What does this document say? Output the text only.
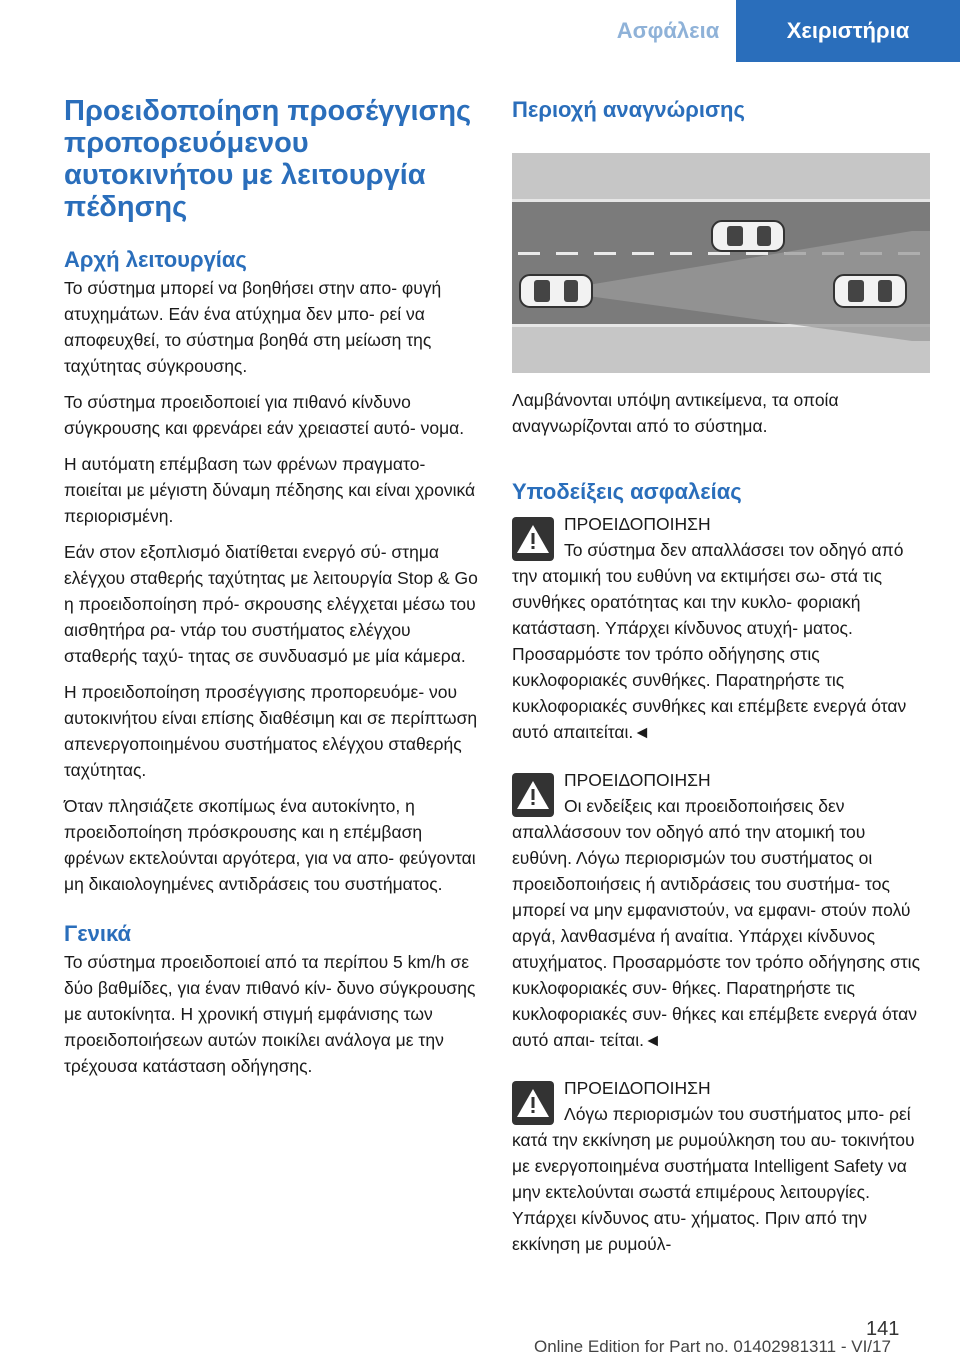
Ασφάλεια	Χειριστήρια
Προειδοποίηση προσέγγισης προπορευόμενου αυτοκινήτου με λειτουργία πέδησης
Αρχή λειτουργίας

Το σύστημα μπορεί να βοηθήσει στην απο- φυγή ατυχημάτων. Εάν ένα ατύχημα δεν μπο- ρεί να αποφευχθεί, το σύστημα βοηθά στη μείωση της ταχύτητας σύγκρουσης.

Το σύστημα προειδοποιεί για πιθανό κίνδυνο σύγκρουσης και φρενάρει εάν χρειαστεί αυτό- νομα.

Η αυτόματη επέμβαση των φρένων πραγματο- ποιείται με μέγιστη δύναμη πέδησης και είναι χρονικά περιορισμένη.

Εάν στον εξοπλισμό διατίθεται ενεργό σύ- στημα ελέγχου σταθερής ταχύτητας με λειτουργία Stop & Go η προειδοποίηση πρό- σκρουσης ελέγχεται μέσω του αισθητήρα ρα- ντάρ του συστήματος ελέγχου σταθερής ταχύ- τητας σε συνδυασμό με μία κάμερα.

Η προειδοποίηση προσέγγισης προπορευόμε- νου αυτοκινήτου είναι επίσης διαθέσιμη και σε περίπτωση απενεργοποιημένου συστήματος ελέγχου σταθερής ταχύτητας.

Όταν πλησιάζετε σκοπίμως ένα αυτοκίνητο, η προειδοποίηση πρόσκρουσης και η επέμβαση φρένων εκτελούνται αργότερα, για να απο- φεύγονται μη δικαιολογημένες αντιδράσεις του συστήματος.

Γενικά

Το σύστημα προειδοποιεί από τα περίπου 5 km/h σε δύο βαθμίδες, για έναν πιθανό κίν- δυνο σύγκρουσης με αυτοκίνητα. Η χρονική στιγμή εμφάνισης των προειδοποιήσεων αυτών ποικίλει ανάλογα με την τρέχουσα κατάσταση οδήγησης.

Περιοχή αναγνώρισης

Λαμβάνονται υπόψη αντικείμενα, τα οποία αναγνωρίζονται από το σύστημα.

Υποδείξεις ασφαλείας
ΠΡΟΕΙΔΟΠΟΙΗΣΗ

Το σύστημα δεν απαλλάσσει τον οδηγό από την ατομική του ευθύνη να εκτιμήσει σω- στά τις συνθήκες ορατότητας και την κυκλο- φοριακή κατάσταση. Υπάρχει κίνδυνος ατυχή- ματος. Προσαρμόστε τον τρόπο οδήγησης στις κυκλοφοριακές συνθήκες. Παρατηρήστε τις κυκλοφοριακές συνθήκες και επέμβετε ενεργά όταν αυτό απαιτείται.◄

ΠΡΟΕΙΔΟΠΟΙΗΣΗ

Οι ενδείξεις και προειδοποιήσεις δεν απαλλάσσουν τον οδηγό από την ατομική του ευθύνη. Λόγω περιορισμών του συστήματος οι προειδοποιήσεις ή αντιδράσεις του συστήμα- τος μπορεί να μην εμφανιστούν, να εμφανι- στούν πολύ αργά, λανθασμένα ή αναίτια. Υπάρχει κίνδυνος ατυχήματος. Προσαρμόστε τον τρόπο οδήγησης στις κυκλοφοριακές συν- θήκες. Παρατηρήστε τις κυκλοφοριακές συν- θήκες και επέμβετε ενεργά όταν αυτό απαι- τείται.◄

ΠΡΟΕΙΔΟΠΟΙΗΣΗ

Λόγω περιορισμών του συστήματος μπο- ρεί κατά την εκκίνηση με ρυμούλκηση του αυ- τοκινήτου με ενεργοποιημένα συστήματα Intelligent Safety να μην εκτελούνται σωστά επιμέρους λειτουργίες. Υπάρχει κίνδυνος ατυ- χήματος. Πριν από την εκκίνηση με ρυμούλ-

141
Online Edition for Part no. 01402981311 - VI/17
